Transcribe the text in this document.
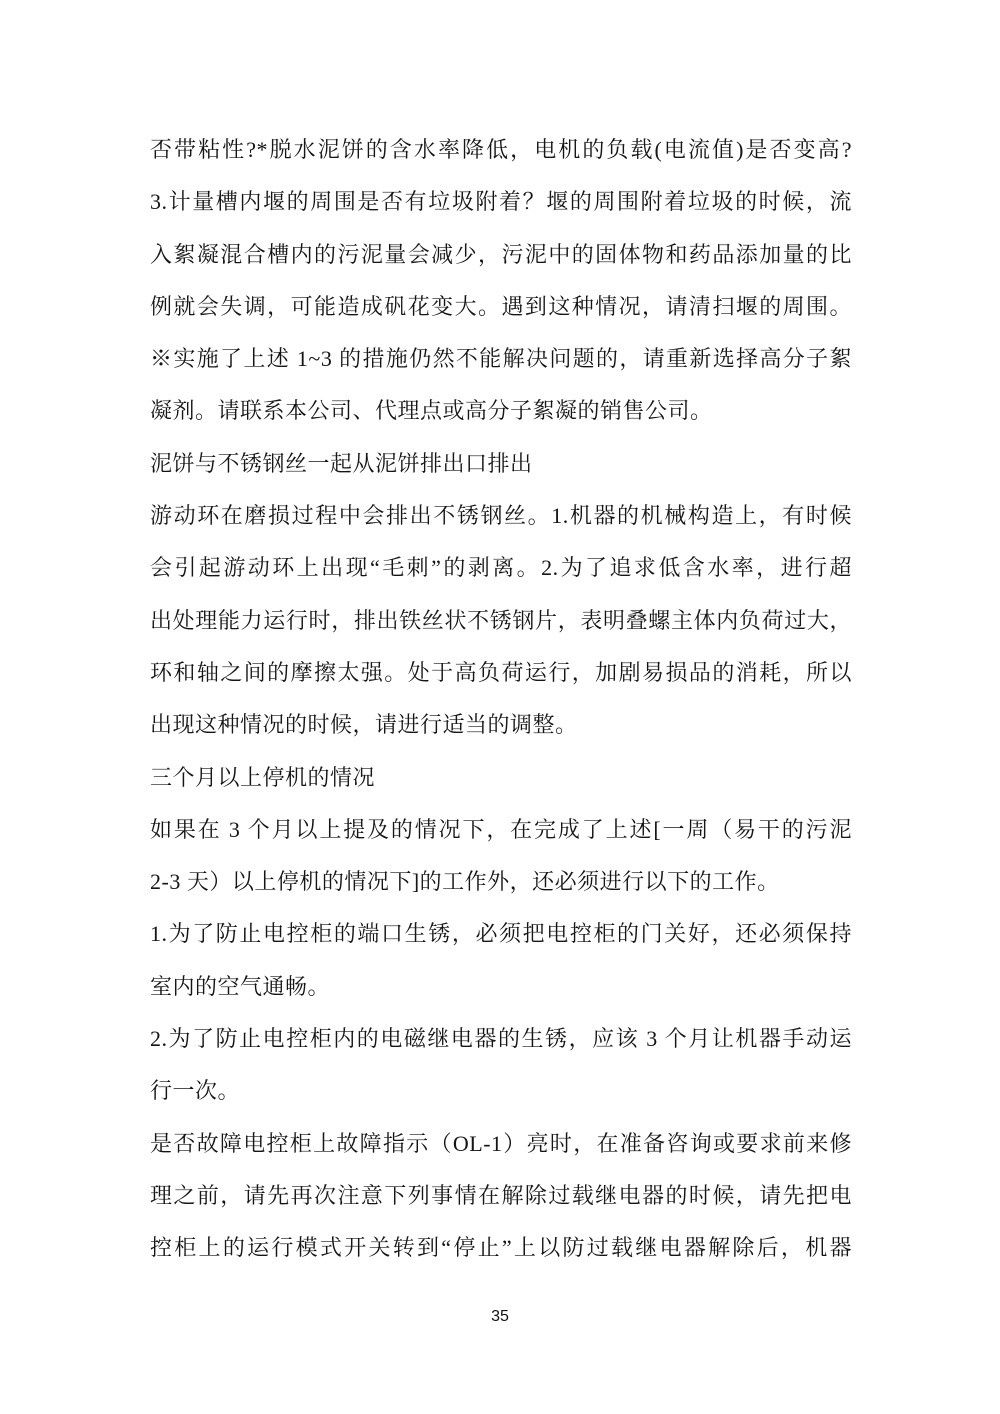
否带粘性?*脱水泥饼的含水率降低，电机的负载(电流值)是否变高?
3.计量槽内堰的周围是否有垃圾附着？堰的周围附着垃圾的时候，流
入絮凝混合槽内的污泥量会减少，污泥中的固体物和药品添加量的比
例就会失调，可能造成矾花变大。遇到这种情况，请清扫堰的周围。
※实施了上述 1~3 的措施仍然不能解决问题的，请重新选择高分子絮
凝剂。请联系本公司、代理点或高分子絮凝的销售公司。
泥饼与不锈钢丝一起从泥饼排出口排出
游动环在磨损过程中会排出不锈钢丝。1.机器的机械构造上，有时候
会引起游动环上出现“毛刺”的剥离。2.为了追求低含水率，进行超
出处理能力运行时，排出铁丝状不锈钢片，表明叠螺主体内负荷过大，
环和轴之间的摩擦太强。处于高负荷运行，加剧易损品的消耗，所以
出现这种情况的时候，请进行适当的调整。
三个月以上停机的情况
如果在 3 个月以上提及的情况下，在完成了上述[一周（易干的污泥
2-3 天）以上停机的情况下]的工作外，还必须进行以下的工作。
1.为了防止电控柜的端口生锈，必须把电控柜的门关好，还必须保持
室内的空气通畅。
2.为了防止电控柜内的电磁继电器的生锈，应该 3 个月让机器手动运
行一次。
是否故障电控柜上故障指示（OL-1）亮时，在准备咨询或要求前来修
理之前，请先再次注意下列事情在解除过载继电器的时候，请先把电
控柜上的运行模式开关转到“停止”上以防过载继电器解除后，机器
35
